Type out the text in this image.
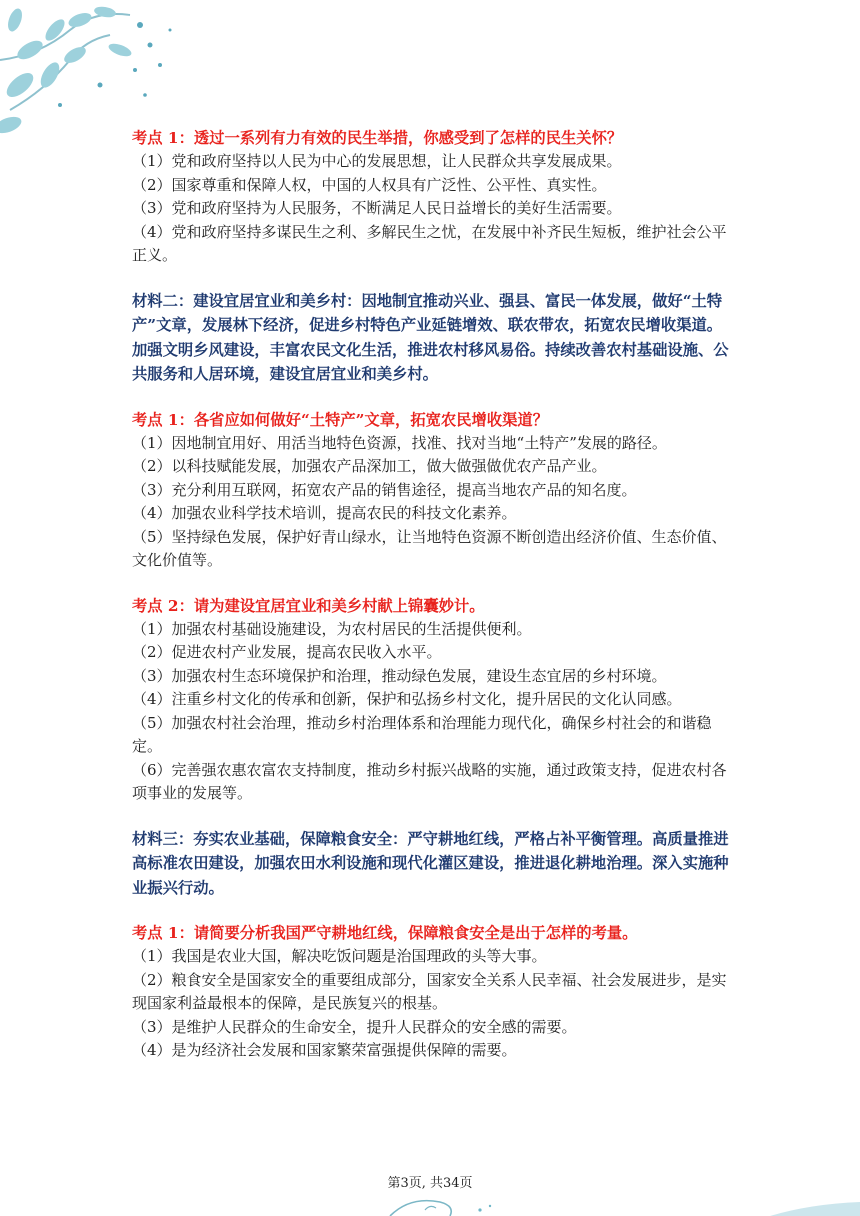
考点 1：透过一系列有力有效的民生举措，你感受到了怎样的民生关怀？
（1）党和政府坚持以人民为中心的发展思想，让人民群众共享发展成果。
（2）国家尊重和保障人权，中国的人权具有广泛性、公平性、真实性。
（3）党和政府坚持为人民服务，不断满足人民日益增长的美好生活需要。
（4）党和政府坚持多谋民生之利、多解民生之忧，在发展中补齐民生短板，维护社会公平正义。
材料二：建设宜居宜业和美乡村：因地制宜推动兴业、强县、富民一体发展，做好“土特产”文章，发展林下经济，促进乡村特色产业延链增效、联农带农，拓宽农民增收渠道。加强文明乡风建设，丰富农民文化生活，推进农村移风易俗。持续改善农村基础设施、公共服务和人居环境，建设宜居宜业和美乡村。
考点 1：各省应如何做好“土特产”文章，拓宽农民增收渠道？
（1）因地制宜用好、用活当地特色资源，找准、找对当地“土特产”发展的路径。
（2）以科技赋能发展，加强农产品深加工，做大做强做优农产品产业。
（3）充分利用互联网，拓宽农产品的销售途径，提高当地农产品的知名度。
（4）加强农业科学技术培训，提高农民的科技文化素养。
（5）坚持绿色发展，保护好青山绿水，让当地特色资源不断创造出经济价值、生态价值、文化价值等。
考点 2：请为建设宜居宜业和美乡村献上锦囊妙计。
（1）加强农村基础设施建设，为农村居民的生活提供便利。
（2）促进农村产业发展，提高农民收入水平。
（3）加强农村生态环境保护和治理，推动绿色发展，建设生态宜居的乡村环境。
（4）注重乡村文化的传承和创新，保护和弘扬乡村文化，提升居民的文化认同感。
（5）加强农村社会治理，推动乡村治理体系和治理能力现代化，确保乡村社会的和谐稳定。
（6）完善强农惠农富农支持制度，推动乡村振兴战略的实施，通过政策支持，促进农村各项事业的发展等。
材料三：夯实农业基础，保障粮食安全：严守耕地红线，严格占补平衡管理。高质量推进高标准农田建设，加强农田水利设施和现代化灌区建设，推进退化耕地治理。深入实施种业振兴行动。
考点 1：请简要分析我国严守耕地红线，保障粮食安全是出于怎样的考量。
（1）我国是农业大国，解决吃饭问题是治国理政的头等大事。
（2）粮食安全是国家安全的重要组成部分，国家安全关系人民幸福、社会发展进步，是实现国家利益最根本的保障，是民族复兴的根基。
（3）是维护人民群众的生命安全，提升人民群众的安全感的需要。
（4）是为经济社会发展和国家繁荣富强提供保障的需要。
第3页, 共34页
